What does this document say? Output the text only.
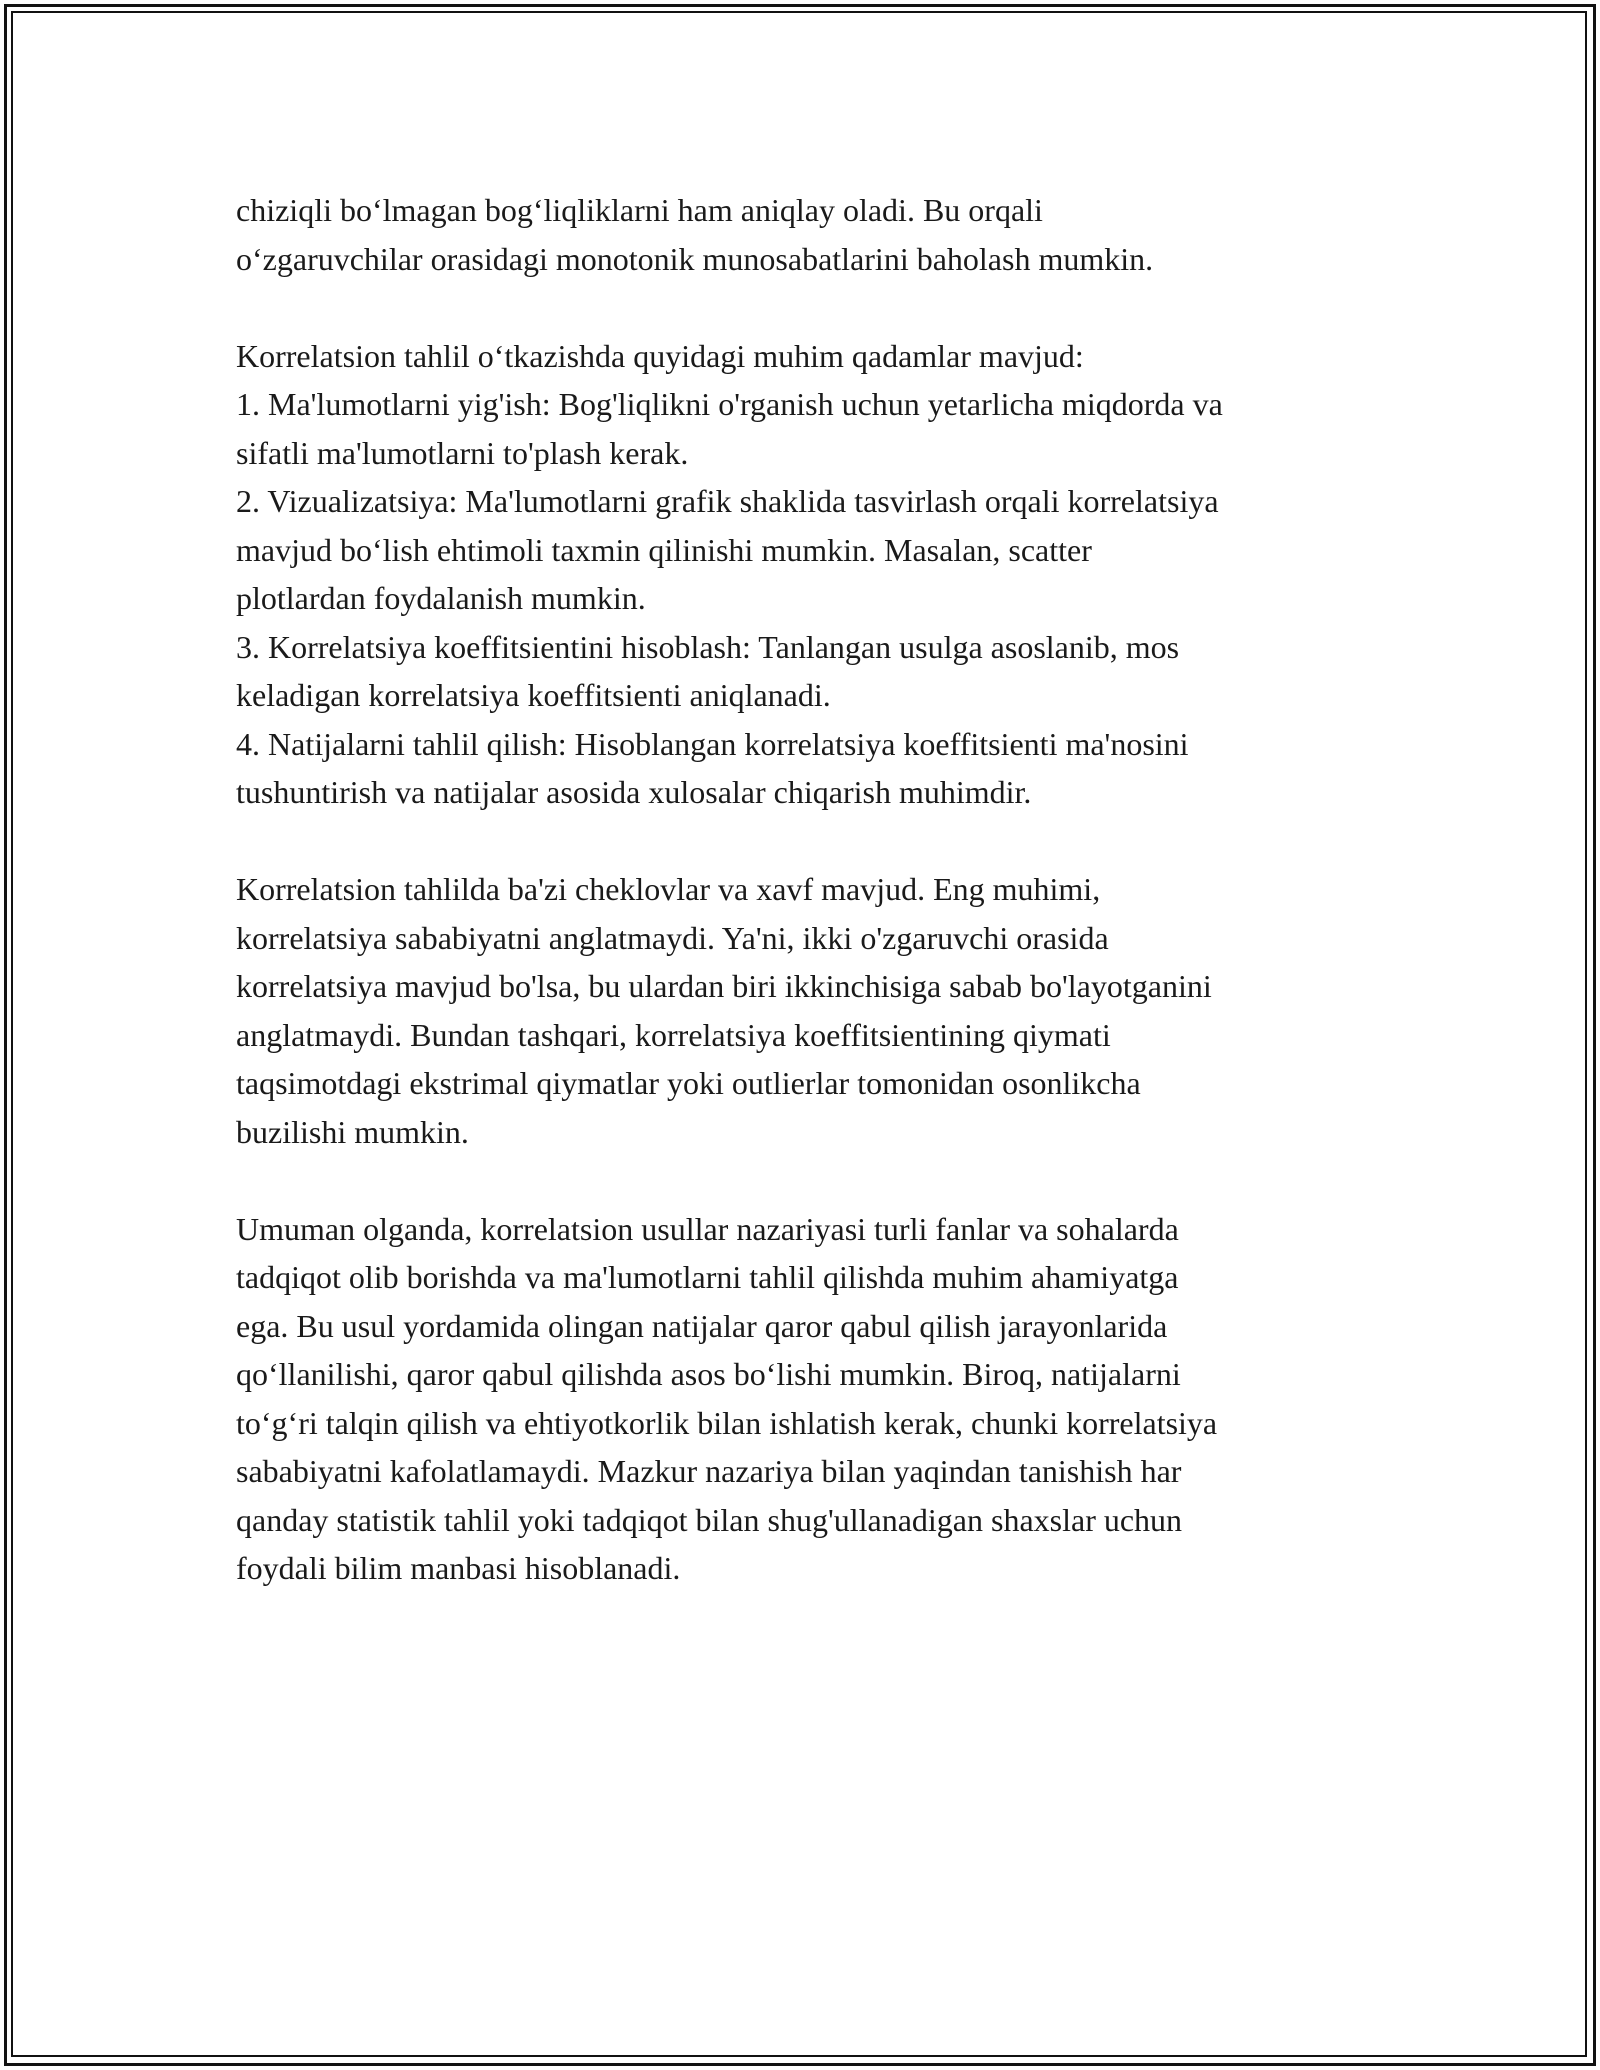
chiziqli bo‘lmagan bog‘liqliklarni ham aniqlay oladi. Bu orqali
o‘zgaruvchilar orasidagi monotonik munosabatlarini baholash mumkin.

Korrelatsion tahlil o‘tkazishda quyidagi muhim qadamlar mavjud:
1. Ma'lumotlarni yig'ish: Bog'liqlikni o'rganish uchun yetarlicha miqdorda va
sifatli ma'lumotlarni to'plash kerak.
2. Vizualizatsiya: Ma'lumotlarni grafik shaklida tasvirlash orqali korrelatsiya
mavjud bo‘lish ehtimoli taxmin qilinishi mumkin. Masalan, scatter
plotlardan foydalanish mumkin.
3. Korrelatsiya koeffitsientini hisoblash: Tanlangan usulga asoslanib, mos
keladigan korrelatsiya koeffitsienti aniqlanadi.
4. Natijalarni tahlil qilish: Hisoblangan korrelatsiya koeffitsienti ma'nosini
tushuntirish va natijalar asosida xulosalar chiqarish muhimdir.

Korrelatsion tahlilda ba'zi cheklovlar va xavf mavjud. Eng muhimi,
korrelatsiya sababiyatni anglatmaydi. Ya'ni, ikki o'zgaruvchi orasida
korrelatsiya mavjud bo'lsa, bu ulardan biri ikkinchisiga sabab bo'layotganini
anglatmaydi. Bundan tashqari, korrelatsiya koeffitsientining qiymati
taqsimotdagi ekstrimal qiymatlar yoki outlierlar tomonidan osonlikcha
buzilishi mumkin.

Umuman olganda, korrelatsion usullar nazariyasi turli fanlar va sohalarda
tadqiqot olib borishda va ma'lumotlarni tahlil qilishda muhim ahamiyatga
ega. Bu usul yordamida olingan natijalar qaror qabul qilish jarayonlarida
qo‘llanilishi, qaror qabul qilishda asos bo‘lishi mumkin. Biroq, natijalarni
to‘g‘ri talqin qilish va ehtiyotkorlik bilan ishlatish kerak, chunki korrelatsiya
sababiyatni kafolatlamaydi. Mazkur nazariya bilan yaqindan tanishish har
qanday statistik tahlil yoki tadqiqot bilan shug'ullanadigan shaxslar uchun
foydali bilim manbasi hisoblanadi.
